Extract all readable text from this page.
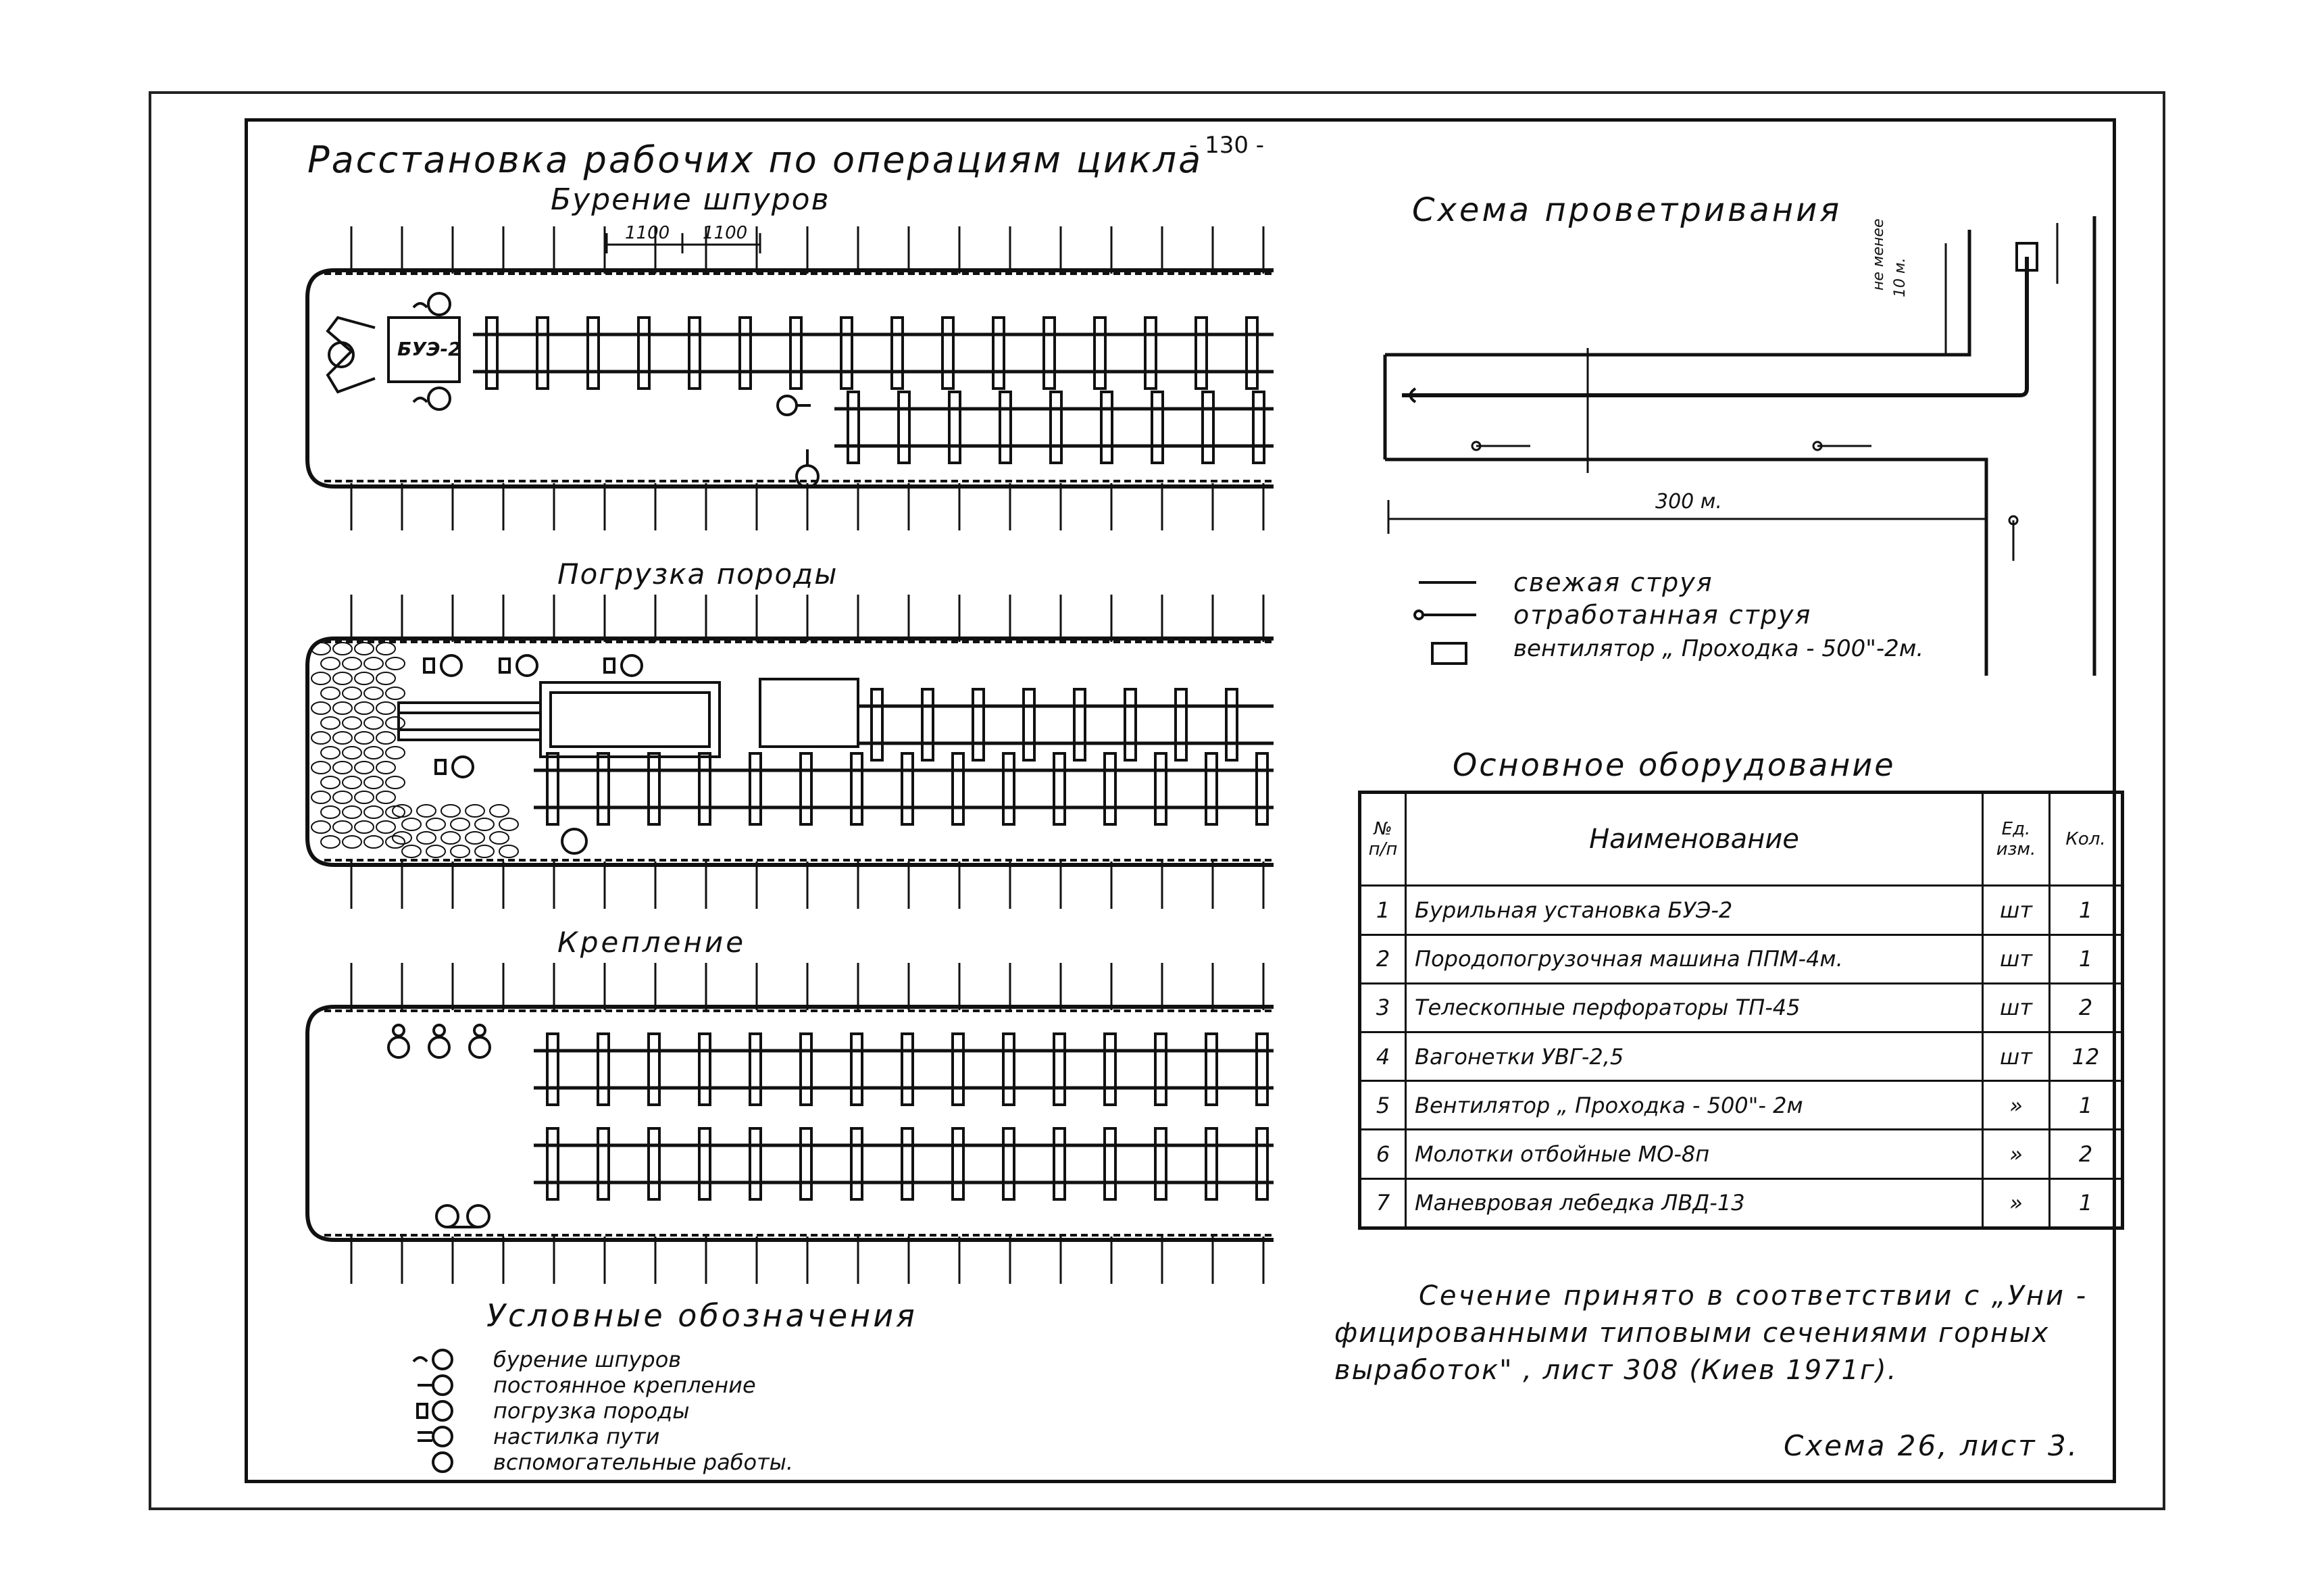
- 130 -
Расстановка рабочих по операциям цикла
Бурение шпуров
Погрузка породы
Крепление
1100 1100
БУЭ-2
Условные обозначения
бурение шпуров
постоянное крепление
погрузка породы
настилка пути
вспомогательные работы.
Схема проветривания
300 м.
не менее 10 м.
свежая струя
отработанная струя
вентилятор „ Проходка - 500"-2м.
Основное оборудование
№ п/п	Наименование	Ед. изм.	Кол.
1	Бурильная установка БУЭ-2	шт	1
2	Породопогрузочная машина ППМ-4м.	шт	1
3	Телескопные перфораторы ТП-45	шт	2
4	Вагонетки УВГ-2,5	шт	12
5	Вентилятор „ Проходка - 500"- 2м	»	1
6	Молотки отбойные МО-8п	»	2
7	Маневровая лебедка ЛВД-13	»	1
Сечение принято в соответствии с „Уни -
фицированными типовыми сечениями горных
выработок" , лист 308 (Киев 1971г).
Схема 26, лист 3.
